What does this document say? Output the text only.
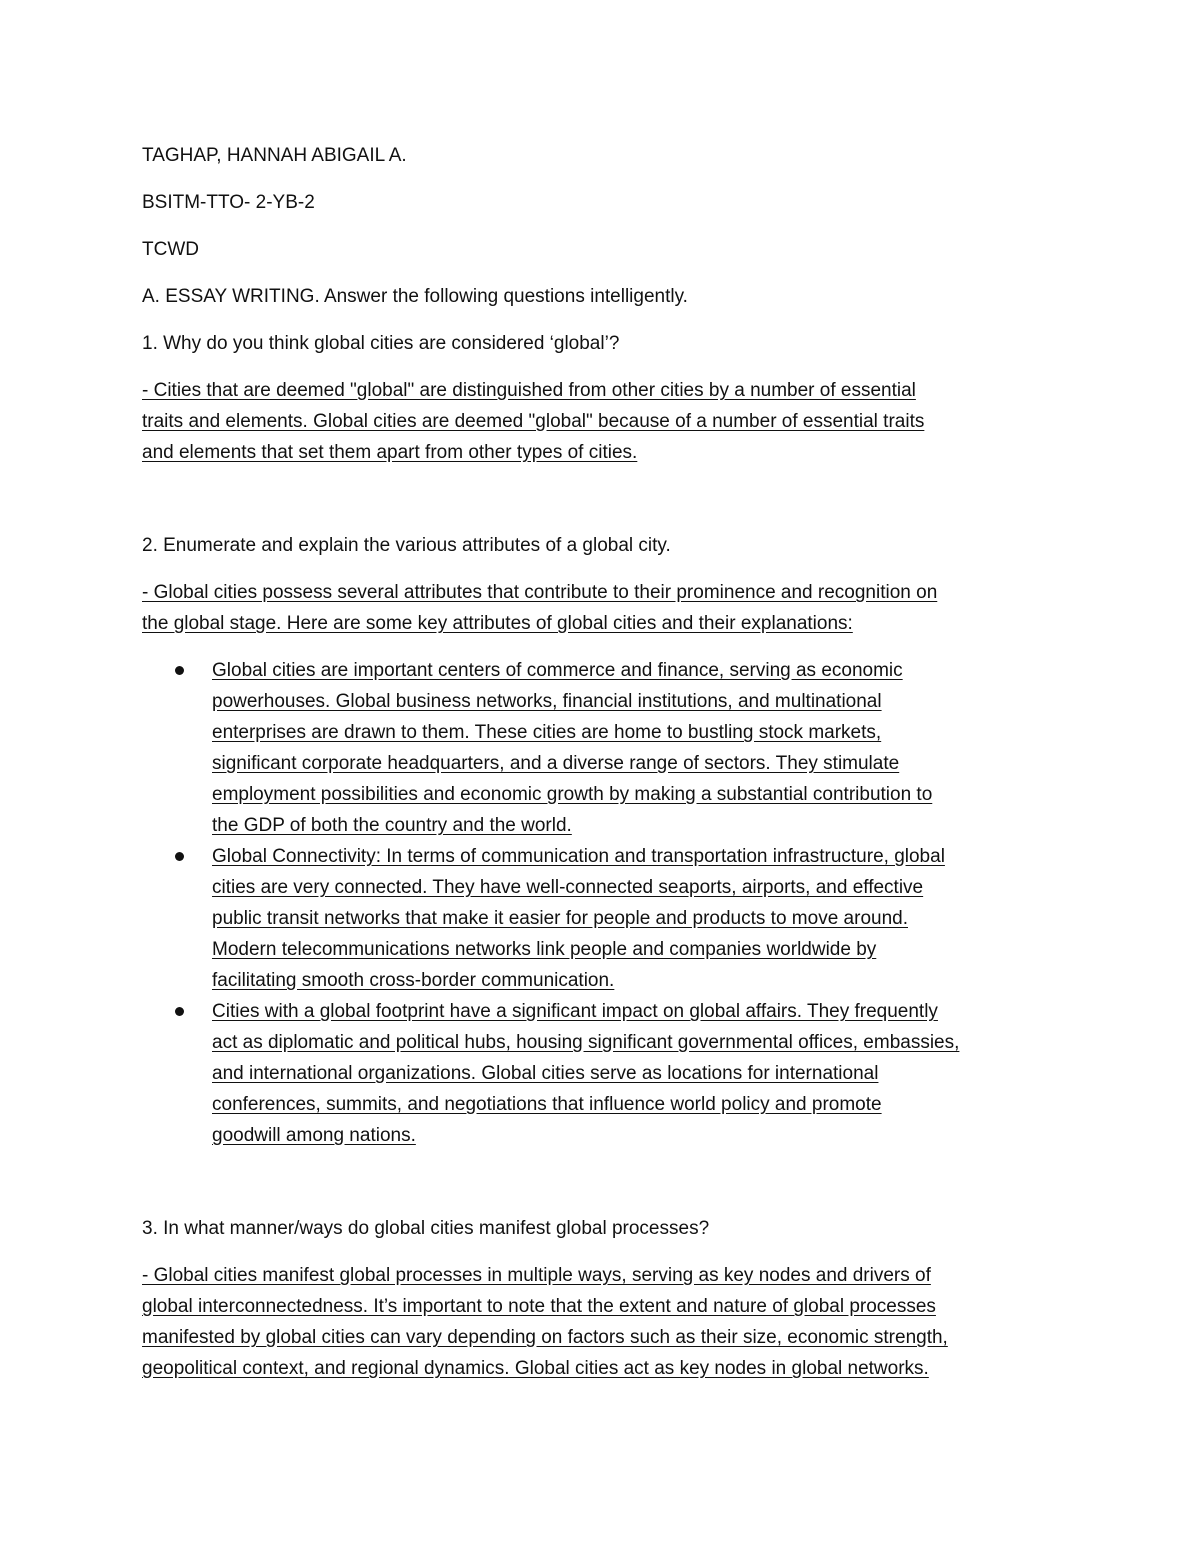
TAGHAP, HANNAH ABIGAIL A.

BSITM-TTO- 2-YB-2

TCWD

A. ESSAY WRITING. Answer the following questions intelligently.

1. Why do you think global cities are considered ‘global’?

- Cities that are deemed "global" are distinguished from other cities by a number of essential
traits and elements. Global cities are deemed "global" because of a number of essential traits
and elements that set them apart from other types of cities.

2. Enumerate and explain the various attributes of a global city.

- Global cities possess several attributes that contribute to their prominence and recognition on
the global stage. Here are some key attributes of global cities and their explanations:
Global cities are important centers of commerce and finance, serving as economic
powerhouses. Global business networks, financial institutions, and multinational
enterprises are drawn to them. These cities are home to bustling stock markets,
significant corporate headquarters, and a diverse range of sectors. They stimulate
employment possibilities and economic growth by making a substantial contribution to
the GDP of both the country and the world.
Global Connectivity: In terms of communication and transportation infrastructure, global
cities are very connected. They have well-connected seaports, airports, and effective
public transit networks that make it easier for people and products to move around.
Modern telecommunications networks link people and companies worldwide by
facilitating smooth cross-border communication.
Cities with a global footprint have a significant impact on global affairs. They frequently
act as diplomatic and political hubs, housing significant governmental offices, embassies,
and international organizations. Global cities serve as locations for international
conferences, summits, and negotiations that influence world policy and promote
goodwill among nations.

3. In what manner/ways do global cities manifest global processes?

- Global cities manifest global processes in multiple ways, serving as key nodes and drivers of
global interconnectedness. It’s important to note that the extent and nature of global processes
manifested by global cities can vary depending on factors such as their size, economic strength,
geopolitical context, and regional dynamics. Global cities act as key nodes in global networks.
